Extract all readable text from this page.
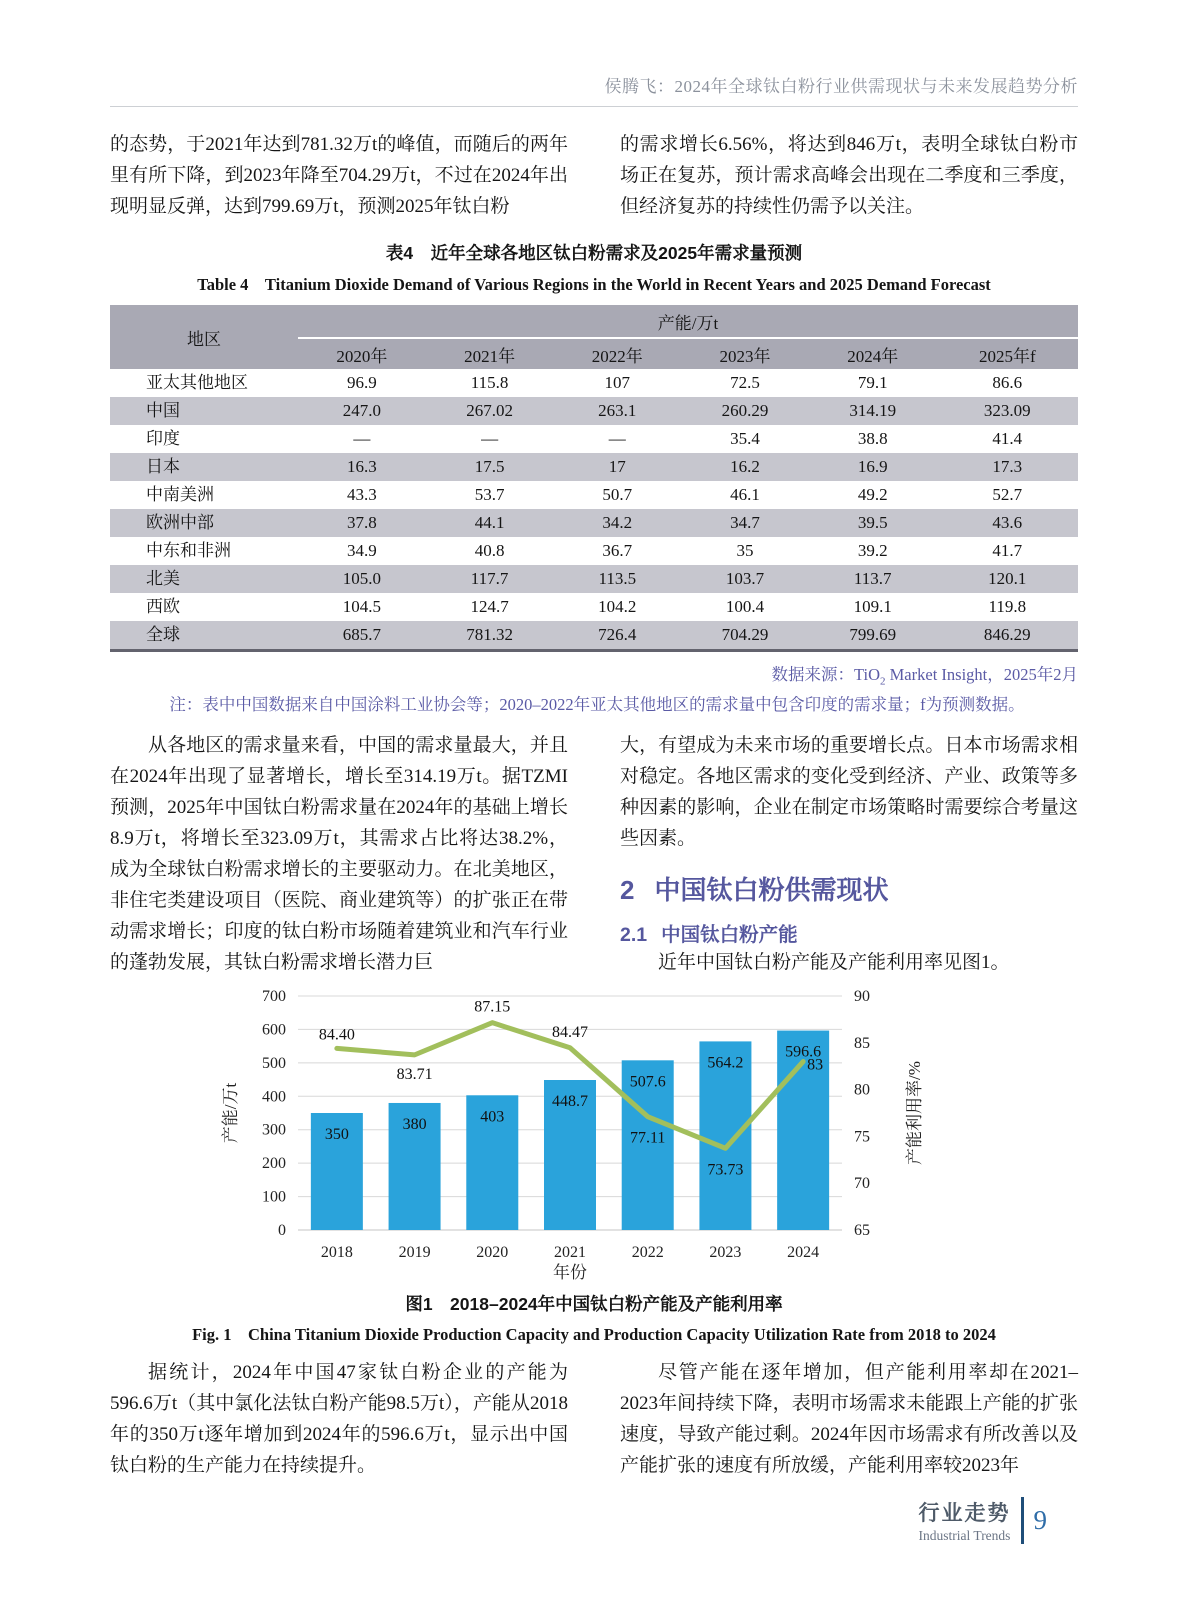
侯腾飞：2024年全球钛白粉行业供需现状与未来发展趋势分析

的态势，于2021年达到781.32万t的峰值，而随后的两年里有所下降，到2023年降至704.29万t，不过在2024年出现明显反弹，达到799.69万t，预测2025年钛白粉

的需求增长6.56%，将达到846万t，表明全球钛白粉市场正在复苏，预计需求高峰会出现在二季度和三季度，但经济复苏的持续性仍需予以关注。

表4　近年全球各地区钛白粉需求及2025年需求量预测
Table 4　Titanium Dioxide Demand of Various Regions in the World in Recent Years and 2025 Demand Forecast
地区	产能/万t					
	2020年	2021年	2022年	2023年	2024年	2025年f
亚太其他地区	96.9	115.8	107	72.5	79.1	86.6
中国	247.0	267.02	263.1	260.29	314.19	323.09
印度	—	—	—	35.4	38.8	41.4
日本	16.3	17.5	17	16.2	16.9	17.3
中南美洲	43.3	53.7	50.7	46.1	49.2	52.7
欧洲中部	37.8	44.1	34.2	34.7	39.5	43.6
中东和非洲	34.9	40.8	36.7	35	39.2	41.7
北美	105.0	117.7	113.5	103.7	113.7	120.1
西欧	104.5	124.7	104.2	100.4	109.1	119.8
全球	685.7	781.32	726.4	704.29	799.69	846.29
数据来源：TiO$_2$ Market Insight，2025年2月

注：表中中国数据来自中国涂料工业协会等；2020–2022年亚太其他地区的需求量中包含印度的需求量；f为预测数据。

从各地区的需求量来看，中国的需求量最大，并且在2024年出现了显著增长，增长至314.19万t。据TZMI预测，2025年中国钛白粉需求量在2024年的基础上增长8.9万t，将增长至323.09万t，其需求占比将达38.2%，成为全球钛白粉需求增长的主要驱动力。在北美地区，非住宅类建设项目（医院、商业建筑等）的扩张正在带动需求增长；印度的钛白粉市场随着建筑业和汽车行业的蓬勃发展，其钛白粉需求增长潜力巨

大，有望成为未来市场的重要增长点。日本市场需求相对稳定。各地区需求的变化受到经济、产业、政策等多种因素的影响，企业在制定市场策略时需要综合考量这些因素。

2 中国钛白粉供需现状
2.1 中国钛白粉产能

近年中国钛白粉产能及产能利用率见图1。

0
100
200
300
400
500
600
700
65
70
75
80
85
90
350
380	403
448.7
507.6
564.2
596.6
84.40
83.71
87.15
84.47
77.11
73.73
83
2018	2019	2020	2021	2022	2023	2024
年份
产能/万t	产能利用率/%
图1　2018–2024年中国钛白粉产能及产能利用率
Fig. 1　China Titanium Dioxide Production Capacity and Production Capacity Utilization Rate from 2018 to 2024

据统计，2024年中国47家钛白粉企业的产能为596.6万t（其中氯化法钛白粉产能98.5万t），产能从2018年的350万t逐年增加到2024年的596.6万t，显示出中国钛白粉的生产能力在持续提升。

尽管产能在逐年增加，但产能利用率却在2021–2023年间持续下降，表明市场需求未能跟上产能的扩张速度，导致产能过剩。2024年因市场需求有所改善以及产能扩张的速度有所放缓，产能利用率较2023年

行业走势
Industrial Trends
9
